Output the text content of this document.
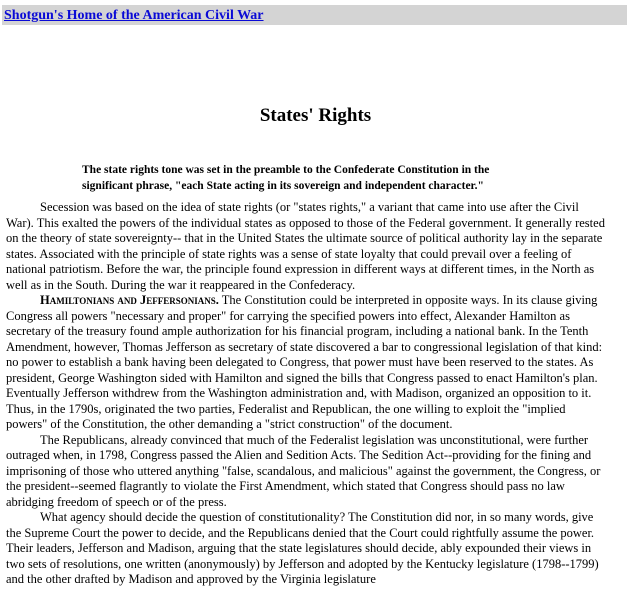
Shotgun's Home of the American Civil War
States' Rights
The state rights tone was set in the preamble to the Confederate Constitution in the significant phrase, "each State acting in its sovereign and independent character."

Secession was based on the idea of state rights (or "states rights," a variant that came into use after the Civil War). This exalted the powers of the individual states as opposed to those of the Federal government. It generally rested on the theory of state sovereignty-- that in the United States the ultimate source of political authority lay in the separate states. Associated with the principle of state rights was a sense of state loyalty that could prevail over a feeling of national patriotism. Before the war, the principle found expression in different ways at different times, in the North as well as in the South. During the war it reappeared in the Confederacy.

Hamiltonians and Jeffersonians. The Constitution could be interpreted in opposite ways. In its clause giving Congress all powers "necessary and proper" for carrying the specified powers into effect, Alexander Hamilton as secretary of the treasury found ample authorization for his financial program, including a national bank. In the Tenth Amendment, however, Thomas Jefferson as secretary of state discovered a bar to congressional legislation of that kind: no power to establish a bank having been delegated to Congress, that power must have been reserved to the states. As president, George Washington sided with Hamilton and signed the bills that Congress passed to enact Hamilton's plan. Eventually Jefferson withdrew from the Washington administration and, with Madison, organized an opposition to it. Thus, in the 1790s, originated the two parties, Federalist and Republican, the one willing to exploit the "implied powers" of the Constitution, the other demanding a "strict construction" of the document.

The Republicans, already convinced that much of the Federalist legislation was unconstitutional, were further outraged when, in 1798, Congress passed the Alien and Sedition Acts. The Sedition Act--providing for the fining and imprisoning of those who uttered anything "false, scandalous, and malicious" against the government, the Congress, or the president--seemed flagrantly to violate the First Amendment, which stated that Congress should pass no law abridging freedom of speech or of the press.

What agency should decide the question of constitutionality? The Constitution did nor, in so many words, give the Supreme Court the power to decide, and the Republicans denied that the Court could rightfully assume the power. Their leaders, Jefferson and Madison, arguing that the state legislatures should decide, ably expounded their views in two sets of resolutions, one written (anonymously) by Jefferson and adopted by the Kentucky legislature (1798--1799) and the other drafted by Madison and approved by the Virginia legislature
